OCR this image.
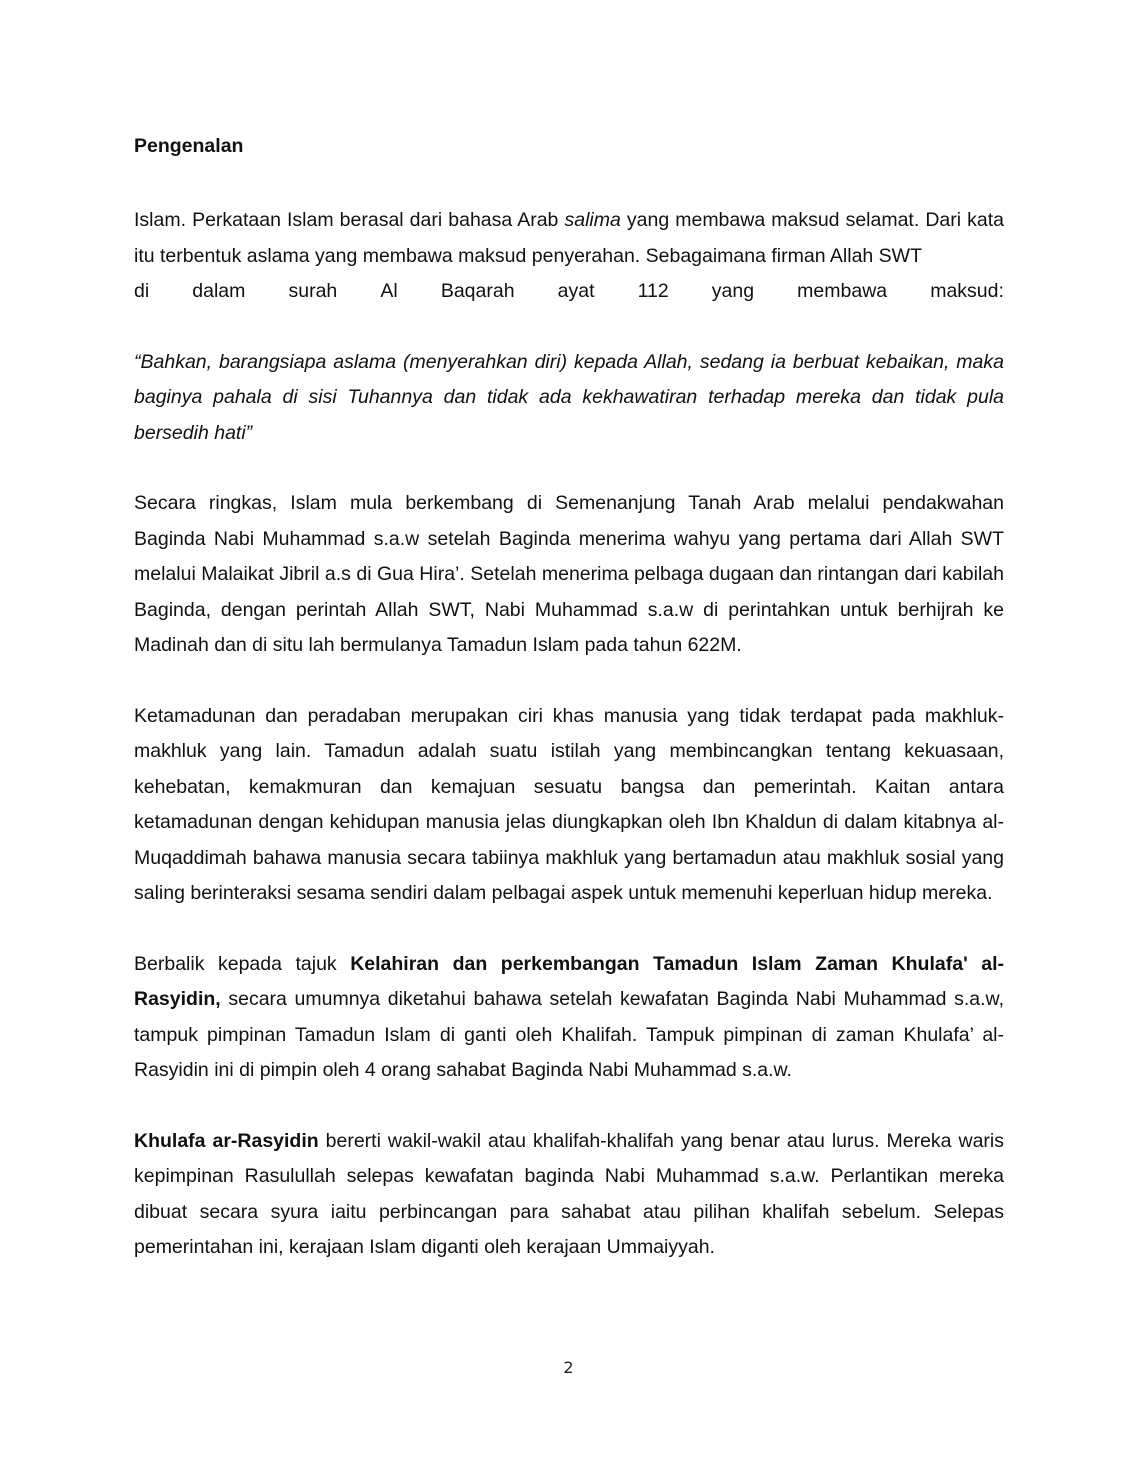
Pengenalan

Islam. Perkataan Islam berasal dari bahasa Arab salima yang membawa maksud selamat. Dari kata itu terbentuk aslama yang membawa maksud penyerahan. Sebagaimana firman Allah SWT

di dalam surah Al Baqarah ayat 112 yang membawa maksud:

“Bahkan, barangsiapa aslama (menyerahkan diri) kepada Allah, sedang ia berbuat kebaikan, maka baginya pahala di sisi Tuhannya dan tidak ada kekhawatiran terhadap mereka dan tidak pula bersedih hati”

Secara ringkas, Islam mula berkembang di Semenanjung Tanah Arab melalui pendakwahan Baginda Nabi Muhammad s.a.w setelah Baginda menerima wahyu yang pertama dari Allah SWT melalui Malaikat Jibril a.s di Gua Hira’. Setelah menerima pelbaga dugaan dan rintangan dari kabilah Baginda, dengan perintah Allah SWT, Nabi Muhammad s.a.w di perintahkan untuk berhijrah ke Madinah dan di situ lah bermulanya Tamadun Islam pada tahun 622M.

Ketamadunan dan peradaban merupakan ciri khas manusia yang tidak terdapat pada makhluk-makhluk yang lain. Tamadun adalah suatu istilah yang membincangkan tentang kekuasaan, kehebatan, kemakmuran dan kemajuan sesuatu bangsa dan pemerintah. Kaitan antara ketamadunan dengan kehidupan manusia jelas diungkapkan oleh Ibn Khaldun di dalam kitabnya al-Muqaddimah bahawa manusia secara tabiinya makhluk yang bertamadun atau makhluk sosial yang saling berinteraksi sesama sendiri dalam pelbagai aspek untuk memenuhi keperluan hidup mereka.

Berbalik kepada tajuk Kelahiran dan perkembangan Tamadun Islam Zaman Khulafa' al-Rasyidin, secara umumnya diketahui bahawa setelah kewafatan Baginda Nabi Muhammad s.a.w, tampuk pimpinan Tamadun Islam di ganti oleh Khalifah. Tampuk pimpinan di zaman Khulafa’ al-Rasyidin ini di pimpin oleh 4 orang sahabat Baginda Nabi Muhammad s.a.w.

Khulafa ar-Rasyidin bererti wakil-wakil atau khalifah-khalifah yang benar atau lurus. Mereka waris kepimpinan Rasulullah selepas kewafatan baginda Nabi Muhammad s.a.w. Perlantikan mereka dibuat secara syura iaitu perbincangan para sahabat atau pilihan khalifah sebelum. Selepas pemerintahan ini, kerajaan Islam diganti oleh kerajaan Ummaiyyah.

2
